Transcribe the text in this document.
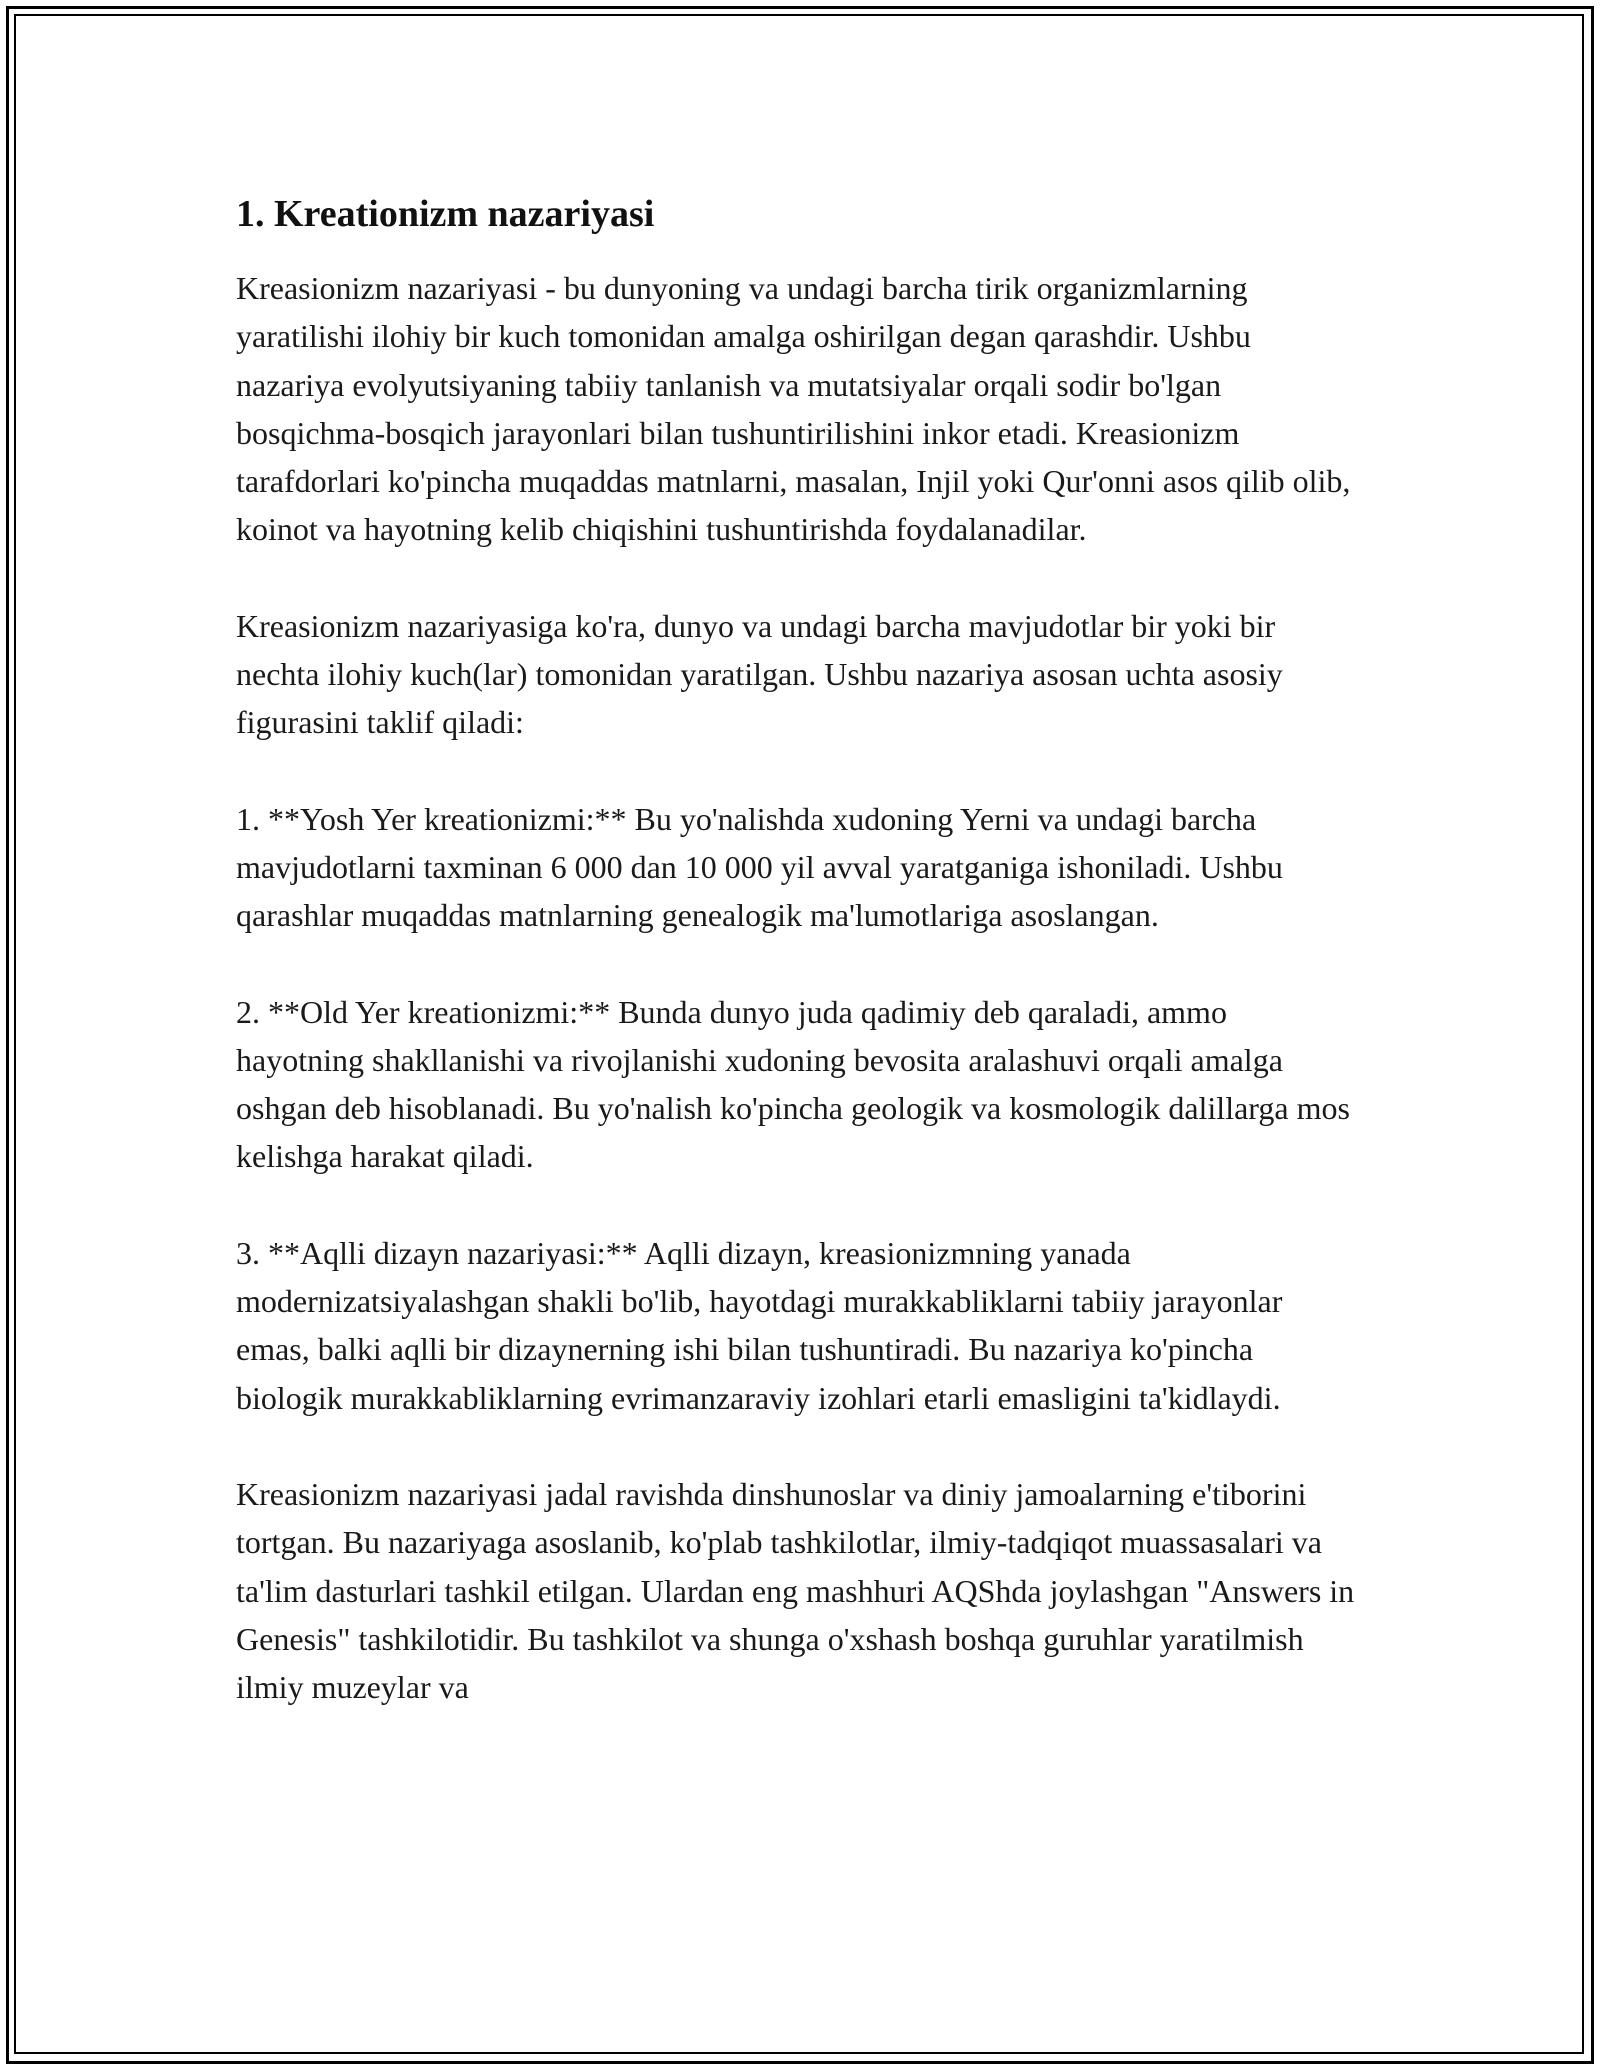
1. Kreationizm nazariyasi

Kreasionizm nazariyasi - bu dunyoning va undagi barcha tirik organizmlarning yaratilishi ilohiy bir kuch tomonidan amalga oshirilgan degan qarashdir. Ushbu nazariya evolyutsiyaning tabiiy tanlanish va mutatsiyalar orqali sodir bo'lgan bosqichma-bosqich jarayonlari bilan tushuntirilishini inkor etadi. Kreasionizm tarafdorlari ko'pincha muqaddas matnlarni, masalan, Injil yoki Qur'onni asos qilib olib, koinot va hayotning kelib chiqishini tushuntirishda foydalanadilar.

Kreasionizm nazariyasiga ko'ra, dunyo va undagi barcha mavjudotlar bir yoki bir nechta ilohiy kuch(lar) tomonidan yaratilgan. Ushbu nazariya asosan uchta asosiy figurasini taklif qiladi:

1. **Yosh Yer kreationizmi:** Bu yo'nalishda xudoning Yerni va undagi barcha mavjudotlarni taxminan 6 000 dan 10 000 yil avval yaratganiga ishoniladi. Ushbu qarashlar muqaddas matnlarning genealogik ma'lumotlariga asoslangan.

2. **Old Yer kreationizmi:** Bunda dunyo juda qadimiy deb qaraladi, ammo hayotning shakllanishi va rivojlanishi xudoning bevosita aralashuvi orqali amalga oshgan deb hisoblanadi. Bu yo'nalish ko'pincha geologik va kosmologik dalillarga mos kelishga harakat qiladi.

3. **Aqlli dizayn nazariyasi:** Aqlli dizayn, kreasionizmning yanada modernizatsiyalashgan shakli bo'lib, hayotdagi murakkabliklarni tabiiy jarayonlar emas, balki aqlli bir dizaynerning ishi bilan tushuntiradi. Bu nazariya ko'pincha biologik murakkabliklarning evrimanzaraviy izohlari etarli emasligini ta'kidlaydi.

Kreasionizm nazariyasi jadal ravishda dinshunoslar va diniy jamoalarning e'tiborini tortgan. Bu nazariyaga asoslanib, ko'plab tashkilotlar, ilmiy-tadqiqot muassasalari va ta'lim dasturlari tashkil etilgan. Ulardan eng mashhuri AQShda joylashgan "Answers in Genesis" tashkilotidir. Bu tashkilot va shunga o'xshash boshqa guruhlar yaratilmish ilmiy muzeylar va
